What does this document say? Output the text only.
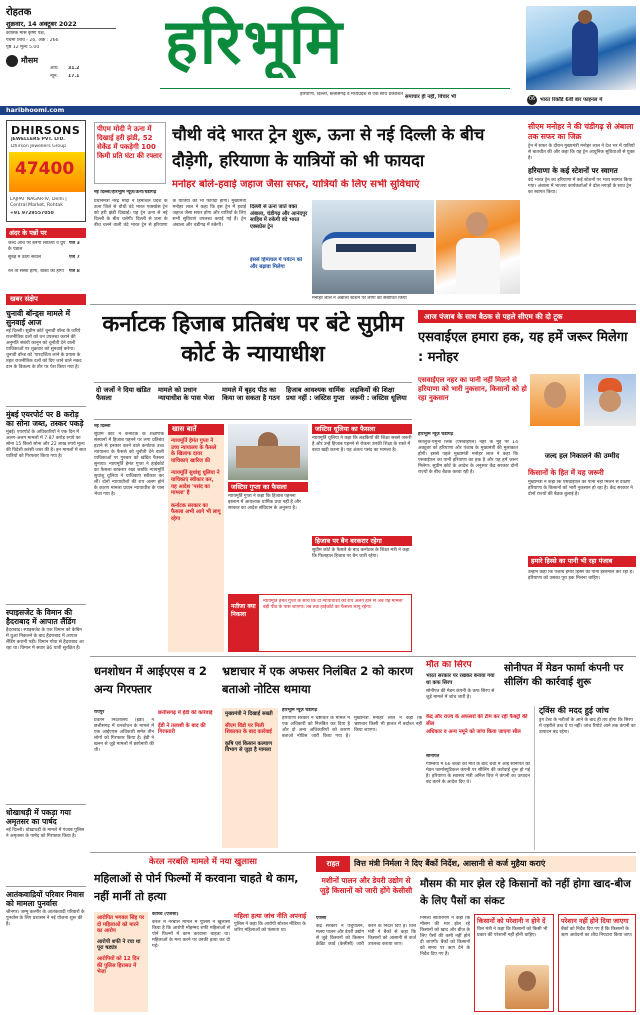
रोहतक
शुक्रवार, 14 अक्टूबर 2022
कार्तिक मास कृष्ण पक्ष,
पंचमी तिथि - 26, अंक : 266
पृष्ठ 12 मूल्य 5.00
मौसम
अधि. 31.2
न्यून. 17.1 हरिभूमि
हरियाणा, दिल्ली, छत्तीसगढ़ व मध्यप्रदेश से एक साथ प्रकाशित समाचार ही नहीं, विचार भी	06 भारत रिकॉर्ड 6वीं बार फाइनल में
haribhoomi.com
DHIRSONS
JEWELLERS PVT. LTD.
Dhirson Jewellers Group
47400
LAJPAT NAGAR-IV, Delhi | Central Market, Rohtak
+91 9729557050
अंदर के पन्नों पर
जल्द आँच पर बनेंगीं लाठियाँ व ग्रुप के पंडाल
पेज 3
सुबह में उठेंगे सवाल	पेज 7
रेल तो सस्ता होगा, बाकी का होगा	पेज 8
खबर संक्षेप
चुनावी बॉन्ड्स मामले में सुनवाई आज
नई दिल्ली। सुप्रीम कोर्ट चुनावी बॉन्ड के जरिये राजनीतिक दलों को धन उपलब्ध कराने की अनुमति संबंधी कानून को चुनौती देने वाली याचिकाओं पर शुक्रवार को सुनवाई करेगा। चुनावी बॉन्ड को 'पारदर्शिता लाने के प्रयास के तहत राजनीतिक दलों को दिए जाने वाले नकद दान के विकल्प के तौर पर पेश किया गया है।
मुंबई एयरपोर्ट पर 8 करोड़ का सोना जब्त, तस्कर पकड़े
मुंबई। एयरपोर्ट के अधिकारियों ने एक दिन में अलग-अलग मामलों में 7.87 करोड़ रुपये का सोना 15 किलो सोना और 22 लाख रुपये मूल्य की विदेशी करंसी जब्त की है। इन मामलों में सात यात्रियों को गिरफ्तार किया गया है।
स्पाइसजेट के विमान की हैदराबाद में आपात लैंडिंग
हैदराबाद। स्पाइसजेट के एक विमान को केबिन में धुआं निकलने के बाद हैदराबाद में आपात लैंडिंग करानी पड़ी। विमान गोवा से हैदराबाद आ रहा था। विमान में सवार 86 यात्री सुरक्षित हैं।
धोखाधड़ी में पकड़ा गया अमृतसर का पार्षद
नई दिल्ली। धोखाधड़ी के मामले में पंजाब पुलिस ने अमृतसर के पार्षद को गिरफ्तार किया है।
आतंकवाद्रियों परिवार निवास को मामला पुनर्वास
श्रीनगर। जम्मू कश्मीर के आतंकवादी परिवारों के पुनर्वास के लिए प्रशासन ने नई योजना शुरू की है।
पीएम मोदी ने ऊना में दिखाई हरी झंडी, 52 सेकेंड में पकड़ेगी 100 किमी प्रति घंटा की रफ्तार
चौथी वंदे भारत ट्रेन शुरू, ऊना से नई दिल्ली के बीच दौड़ेगी, हरियाणा के यात्रियों को भी फायदा
मनोहर बोले-हवाई जहाज जैसा सफर, यात्रियों के लिए सभी सुविधाएं
नई दिल्ली/हरिभूमि न्यूज़/ऊना/चंडीगढ़
प्रधानमंत्री नरेंद्र मोदी ने हिमाचल प्रदेश के ऊना जिले से चौथी वंदे भारत एक्सप्रेस ट्रेन को हरी झंडी दिखाई। यह ट्रेन ऊना से नई दिल्ली के बीच चलेगी। दिल्ली से ऊना के बीच चलने वाली वंदे भारत ट्रेन से हरियाणा के यात्रियों को भी फायदा होगा। मुख्यमंत्री मनोहर लाल ने कहा कि इस ट्रेन में हवाई जहाज जैसा सफर होगा और यात्रियों के लिए सभी सुविधाएं उपलब्ध कराई गई हैं। ट्रेन अंबाला और चंडीगढ़ में रुकेगी।
दिल्ली से ऊना जाते वक्त अंबाला, चंडीगढ़ और आनंदपुर साहिब में रुकेगी वंदे भारत एक्सप्रेस ट्रेन
इससे हिमाचल में पर्यटन को और बढ़ावा मिलेगा
मनोहर लाल ने अंबाला स्टेशन पर लोगों को संबोधित किया
सीएम मनोहर ने की चंडीगढ़ से अंबाला तक सफर का जिक्र
ट्रेन में सफर के दौरान मुख्यमंत्री मनोहर लाल ने देश भर में यात्रियों से बातचीत की और कहा कि यह ट्रेन आधुनिक सुविधाओं से युक्त है।
हरियाणा के कई स्टेशनों पर स्वागत
वंदे भारत ट्रेन का हरियाणा में कई स्टेशनों पर भव्य स्वागत किया गया। अंबाला में भाजपा कार्यकर्ताओं ने ढोल नगाड़ों के साथ ट्रेन का स्वागत किया।
कर्नाटक हिजाब प्रतिबंध पर बंटे सुप्रीम कोर्ट के न्यायाधीश
दो जजों ने दिया खंडित फैसला
मामले को प्रधान न्यायाधीश के पास भेजा
मामले में बृहद पीठ का किया जा सकता है गठन
हिजाब आवश्यक धार्मिक प्रथा नहीं : जस्टिस गुप्ता
लड़कियों की शिक्षा जरूरी : जस्टिस धूलिया
नई दिल्ली
सुप्रीम कोर्ट ने कर्नाटक के शैक्षणिक संस्थानों में हिजाब पहनने पर लगा प्रतिबंध हटाने से इनकार करने वाले कर्नाटक उच्च न्यायालय के फैसले को चुनौती देने वाली याचिकाओं पर गुरुवार को खंडित फैसला सुनाया। न्यायमूर्ति हेमंत गुप्ता ने हाईकोर्ट का फैसला बरकरार रखा जबकि न्यायमूर्ति सुधांशु धूलिया ने याचिकाएं स्वीकार कर लीं। दोनों न्यायाधीशों की राय अलग होने के कारण मामला प्रधान न्यायाधीश के पास भेजा गया है।
खास बातें
न्यायमूर्ति हेमंत गुप्ता ने उच्च न्यायालय के फैसले के खिलाफ दायर याचिकाएं खारिज की
न्यायमूर्ति सुधांशु धूलिया ने याचिकाएं स्वीकार कर, यह आदेश 'पसंद का मामला' है
कर्नाटक सरकार का फैसला अभी आगे भी लागू रहेगा
जस्टिस गुप्ता का फैसला
न्यायमूर्ति गुप्ता ने कहा कि हिजाब पहनना इस्लाम में आवश्यक धार्मिक प्रथा नहीं है और सरकार का आदेश संविधान के अनुरूप है।
जस्टिस धूलिया का फैसला
न्यायमूर्ति धूलिया ने कहा कि लड़कियों की शिक्षा सबसे जरूरी है और उन्हें हिजाब पहनने से रोकना उनकी शिक्षा के रास्ते में बाधा खड़ी करना है। यह अंततः पसंद का मामला है।
हिजाब पर बैन बरकरार रहेगा
सुप्रीम कोर्ट के फैसले के बाद कर्नाटक के शिक्षा मंत्री ने कहा कि फिलहाल हिजाब पर बैन जारी रहेगा।
नतीजा क्या निकला
न्यायमूर्ति हेमंत गुप्ता के साथ कि दो न्यायाधीशों की राय अलग होने से अब यह मामला बड़ी पीठ के पास जाएगा। तब तक हाईकोर्ट का फैसला लागू रहेगा।
आज पंजाब के साथ बैठक से पहले सीएम की दो टूक
एसवाईएल हमारा हक, यह हमें जरूर मिलेगा : मनोहर
एसवाईएल नहर का पानी नहीं मिलने से हरियाणा को भारी नुकसान, किसानों को हो रहा नुकसान
हरिभूमि न्यूज़ चंडीगढ़
सतलुज-यमुना लिंक (एसवाईएल) नहर के मुद्दे पर 14 अक्टूबर को हरियाणा और पंजाब के मुख्यमंत्री की मुलाकात होगी। इससे पहले मुख्यमंत्री मनोहर लाल ने कहा कि एसवाईएल का पानी हरियाणा का हक है और यह हमें जरूर मिलेगा। सुप्रीम कोर्ट के आदेश के अनुसार केंद्र सरकार दोनों राज्यों के बीच बैठक करवा रही है।
जल्द हल निकालने की उम्मीद
किसानों के हित में यह जरूरी
मुख्यमंत्री ने कहा कि एसवाईएल का पानी नहीं मिलने से दक्षिण हरियाणा के किसानों को भारी नुकसान हो रहा है। केंद्र सरकार ने दोनों राज्यों की बैठक बुलाई है।
हमारे हिस्से का पानी भी रहा पंजाब
उन्होंने कहा कि पंजाब हमारे हिस्से का पानी इस्तेमाल कर रहा है। हरियाणा को उसका पूरा हक मिलना चाहिए।
धनशोधन में आईएएस व 2 अन्य गिरफ्तार
रायपुर
प्रवर्तन निदेशालय (ईडी) ने छत्तीसगढ़ में धनशोधन के मामले में एक आईएएस अधिकारी समेत तीन लोगों को गिरफ्तार किया है। ईडी ने खनन से जुड़े मामलों में छापेमारी की थी।
छत्तीसगढ़ में ईडी की कार्रवाई
ईडी ने तलाशी के बाद की गिरफ्तारी
भ्रष्टाचार में एक अफसर निलंबित 2 को कारण बताओ नोटिस थमाया
मुख्यमंत्री ने दिखाई सख्ती
सीएम विंडो पर मिली शिकायत के बाद कार्रवाई
कृषि एवं किसान कल्याण विभाग से जुड़ा है मामला
हरिभूमि न्यूज़ चंडीगढ़
हरियाणा सरकार ने भ्रष्टाचार के मामले में एक अधिकारी को निलंबित कर दिया है और दो अन्य अधिकारियों को कारण बताओ नोटिस जारी किया गया है। मुख्यमंत्री मनोहर लाल ने कहा कि भ्रष्टाचार किसी भी हालत में बर्दाश्त नहीं किया जाएगा।
मौत का सिरप
भारत सरकार पर रखकर बनाया गया था कफ सिरप
सोनीपत की मेडन कंपनी के कफ सिरप से जुड़े मामले में जांच जारी है।
सोनीपत में मेडन फार्मा कंपनी पर सीलिंग की कार्रवाई शुरू
केंद्र और राज्य के अफसरों की टीम कर रही फैक्ट्री की सील
अधिकार व अन्य नमूने को जांच किया जाएगा सील
सोनीपत
गाम्बिया में 66 बच्चों की मौत के बाद चर्चा में आई सोनीपत की मेडन फार्मास्युटिकल कंपनी पर सीलिंग की कार्रवाई शुरू हो गई है। हरियाणा के स्वास्थ्य मंत्री अनिल विज ने कंपनी का उत्पादन बंद करने के आदेश दिए थे।
ट्विंस की मदद हुई जांच
ड्रग टेस्ट के नतीजों के आने के बाद ही तय होगा कि सिरप में जहरीले तत्व थे या नहीं। जांच रिपोर्ट आने तक कंपनी का उत्पादन बंद रहेगा।
केरल नरबलि मामले में नया खुलासा
महिलाओं से पोर्न फिल्मों में करवाना चाहते थे काम, नहीं मानीं तो हत्या
आरोपित भगवल सिंह पर दो महिलाओं को मारने का आरोप
आरोपी शफी ने रचा था पूरा षड्यंत्र
आरोपियों को 12 दिन की पुलिस हिरासत में भेजा
कोच्चि (एजेंसी)
केरल में नरबलि मामले में पुलिस ने खुलासा किया है कि आरोपी मोहम्मद शफी महिलाओं से पोर्न फिल्मों में काम करवाना चाहता था। महिलाओं के मना करने पर उनकी हत्या कर दी गई।
महिला हत्या जांच नीति अपनाई
पुलिस ने कहा कि आरोपी सोशल मीडिया के जरिए महिलाओं को फंसाता था।
राहत	वित्त मंत्री निर्मला ने दिए बैंकों निर्देश, आसानी से कर्ज मुहैया कराएं
मशीनों पालन और डेयरी उद्योग से जुड़े किसानों को जारी होंगे केसीसी
एजेंसी
केंद्र सरकार ने पशुपालन, मत्स्य पालन और डेयरी उद्योग से जुड़े किसानों को किसान क्रेडिट कार्ड (केसीसी) जारी करने के निर्देश दिए हैं। वित्त मंत्री ने बैंकों से कहा कि किसानों को आसानी से कर्ज उपलब्ध कराया जाए।
मौसम की मार झेल रहे किसानों को नहीं होगा खाद-बीज के लिए पैसों का संकट
निर्मला सीतारमण ने कहा कि मौसम की मार झेल रहे किसानों को खाद और बीज के लिए पैसों की कमी नहीं होने दी जाएगी। बैंकों को किसानों को समय पर ऋण देने के निर्देश दिए गए हैं।
किसानों को परेशानी न होने दें
वित्त मंत्री ने कहा कि किसानों को किसी भी प्रकार की परेशानी नहीं होनी चाहिए।
परेशान नहीं होने दिया जाएगा
बैंकों को निर्देश दिए गए हैं कि किसानों के ऋण आवेदनों का शीघ्र निपटारा किया जाए।
